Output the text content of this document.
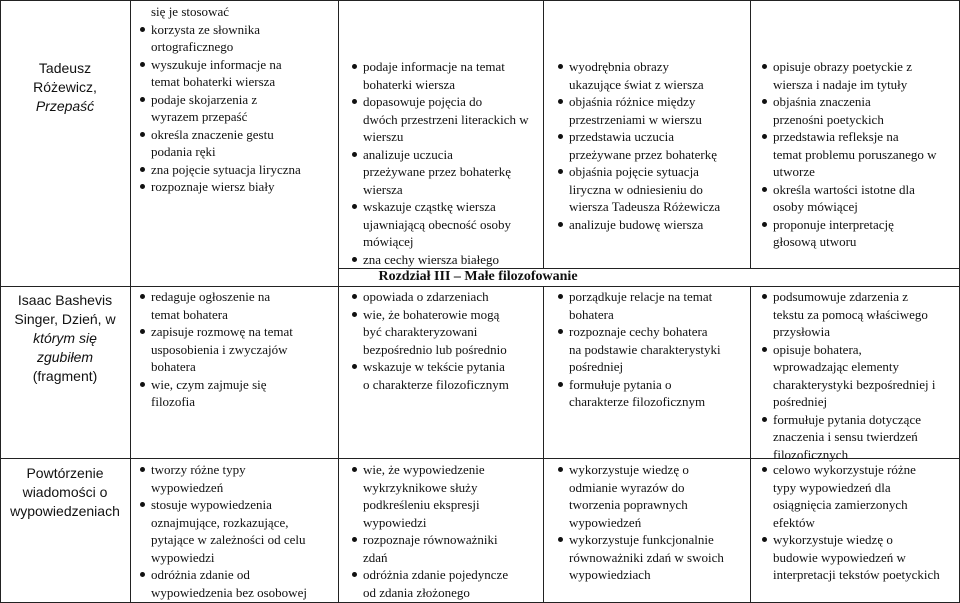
Tadeusz
Różewicz,
Przepaść
Isaac Bashevis
Singer, Dzień, w
którym się
zgubiłem
(fragment)
Powtórzenie
wiadomości o
wypowiedzeniach
się je stosować
korzysta ze słownika
ortograficznego
wyszukuje informacje na
temat bohaterki wiersza
podaje skojarzenia z
wyrazem przepaść
określa znaczenie gestu
podania ręki
zna pojęcie sytuacja liryczna
rozpoznaje wiersz biały
podaje informacje na temat
bohaterki wiersza
dopasowuje pojęcia do
dwóch przestrzeni literackich w
wierszu
analizuje uczucia
przeżywane przez bohaterkę
wiersza
wskazuje cząstkę wiersza
ujawniającą obecność osoby
mówiącej
zna cechy wiersza białego
wyodrębnia obrazy
ukazujące świat z wiersza
objaśnia różnice między
przestrzeniami w wierszu
przedstawia uczucia
przeżywane przez bohaterkę
objaśnia pojęcie sytuacja
liryczna w odniesieniu do
wiersza Tadeusza Różewicza
analizuje budowę wiersza
opisuje obrazy poetyckie z
wiersza i nadaje im tytuły
objaśnia znaczenia
przenośni poetyckich
przedstawia refleksje na
temat problemu poruszanego w
utworze
określa wartości istotne dla
osoby mówiącej
proponuje interpretację
głosową utworu
Rozdział III – Małe filozofowanie
redaguje ogłoszenie na
temat bohatera
zapisuje rozmowę na temat
usposobienia i zwyczajów
bohatera
wie, czym zajmuje się
filozofia
opowiada o zdarzeniach
wie, że bohaterowie mogą
być charakteryzowani
bezpośrednio lub pośrednio
wskazuje w tekście pytania
o charakterze filozoficznym
porządkuje relacje na temat
bohatera
rozpoznaje cechy bohatera
na podstawie charakterystyki
pośredniej
formułuje pytania o
charakterze filozoficznym
podsumowuje zdarzenia z
tekstu za pomocą właściwego
przysłowia
opisuje bohatera,
wprowadzając elementy
charakterystyki bezpośredniej i
pośredniej
formułuje pytania dotyczące
znaczenia i sensu twierdzeń
filozoficznych
tworzy różne typy
wypowiedzeń
stosuje wypowiedzenia
oznajmujące, rozkazujące,
pytające w zależności od celu
wypowiedzi
odróżnia zdanie od
wypowiedzenia bez osobowej
wie, że wypowiedzenie
wykrzyknikowe służy
podkreśleniu ekspresji
wypowiedzi
rozpoznaje równoważniki
zdań
odróżnia zdanie pojedyncze
od zdania złożonego
wykorzystuje wiedzę o
odmianie wyrazów do
tworzenia poprawnych
wypowiedzeń
wykorzystuje funkcjonalnie
równoważniki zdań w swoich
wypowiedziach
celowo wykorzystuje różne
typy wypowiedzeń dla
osiągnięcia zamierzonych
efektów
wykorzystuje wiedzę o
budowie wypowiedzeń w
interpretacji tekstów poetyckich
